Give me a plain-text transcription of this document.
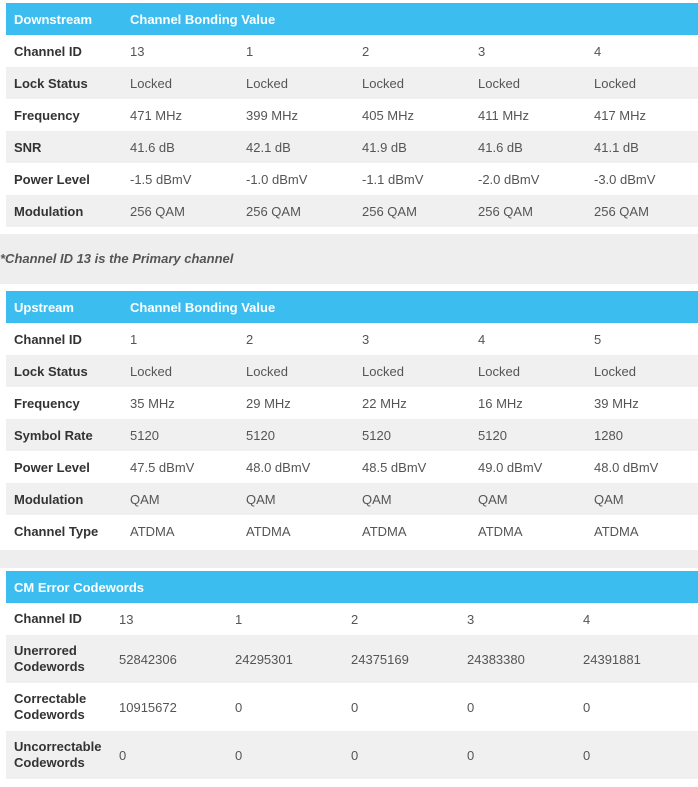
Downstream	Channel Bonding Value				
Channel ID	13	1	2	3	4
Lock Status	Locked	Locked	Locked	Locked	Locked
Frequency	471 MHz	399 MHz	405 MHz	411 MHz	417 MHz
SNR	41.6 dB	42.1 dB	41.9 dB	41.6 dB	41.1 dB
Power Level	-1.5 dBmV	-1.0 dBmV	-1.1 dBmV	-2.0 dBmV	-3.0 dBmV
Modulation	256 QAM	256 QAM	256 QAM	256 QAM	256 QAM
*Channel ID 13 is the Primary channel
Upstream	Channel Bonding Value				
Channel ID	1	2	3	4	5
Lock Status	Locked	Locked	Locked	Locked	Locked
Frequency	35 MHz	29 MHz	22 MHz	16 MHz	39 MHz
Symbol Rate	5120	5120	5120	5120	1280
Power Level	47.5 dBmV	48.0 dBmV	48.5 dBmV	49.0 dBmV	48.0 dBmV
Modulation	QAM	QAM	QAM	QAM	QAM
Channel Type	ATDMA	ATDMA	ATDMA	ATDMA	ATDMA
CM Error Codewords					
Channel ID	13	1	2	3	4
Unerrored Codewords	52842306	24295301	24375169	24383380	24391881
Correctable Codewords	10915672	0	0	0	0
Uncorrectable Codewords	0	0	0	0	0
